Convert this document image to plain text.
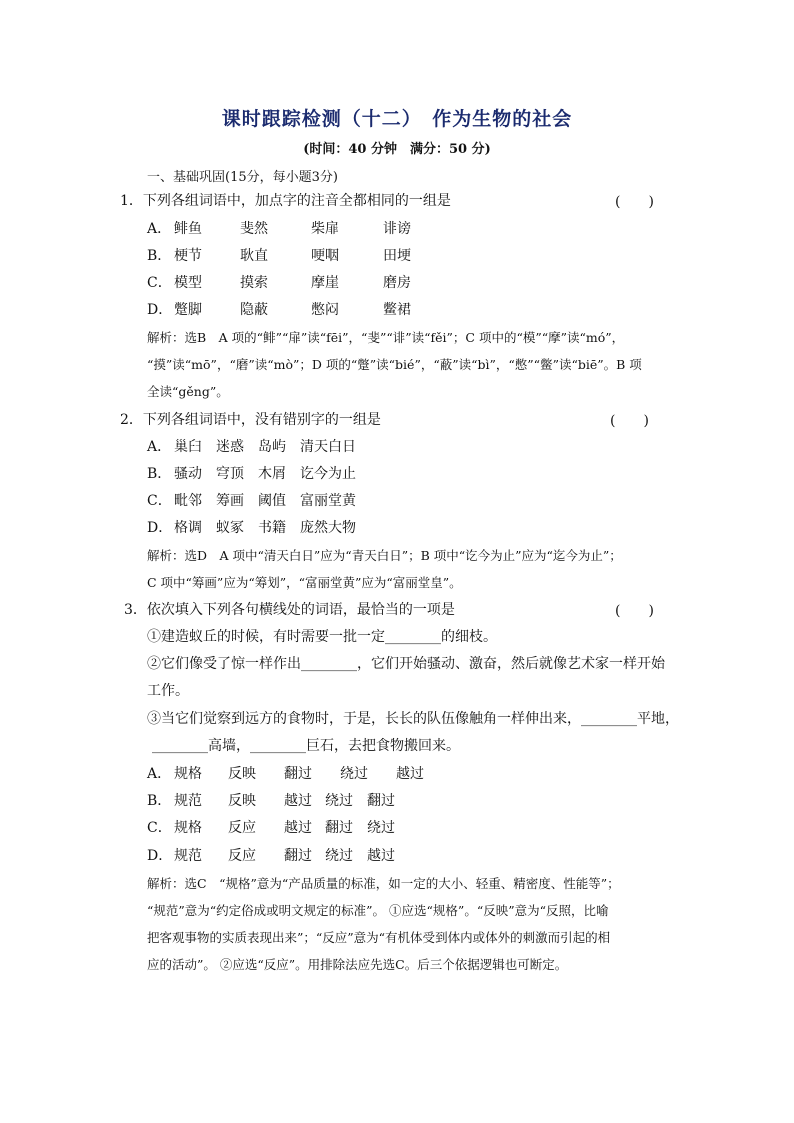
课时跟踪检测（十二）　作为生物的社会
(时间：40 分钟　满分：50 分)
一、基础巩固(15分，每小题3分)
1．下列各组词语中，加点字的注音全都相同的一组是	(　　)
A． 鲱鱼	斐然	柴扉	诽谤
B． 梗节	耿直	哽咽	田埂
C． 模型	摸索	摩崖	磨房
D． 蹩脚	隐蔽	憋闷	鳖裙
解析：选B　A 项的“鲱”“扉”读“fēi”，“斐”“诽”读“fěi”；C 项中的“模”“摩”读“mó”，
“摸”读“mō”，“磨”读“mò”；D 项的“蹩”读“bié”，“蔽”读“bì”，“憋”“鳖”读“biē”。B 项
全读“gěng”。
2．下列各组词语中，没有错别字的一组是	(　　)
A． 巢臼 迷惑 岛屿 清天白日
B． 骚动 穹顶 木屑 讫今为止
C． 毗邻 筹画 阈值 富丽堂黄
D． 格调 蚁冢 书籍 庞然大物
解析：选D　A 项中“清天白日”应为“青天白日”；B 项中“讫今为止”应为“迄今为止”；
C 项中“筹画”应为“筹划”，“富丽堂黄”应为“富丽堂皇”。
3．依次填入下列各句横线处的词语，最恰当的一项是	(　　)
①建造蚁丘的时候，有时需要一批一定________的细枝。
②它们像受了惊一样作出________，它们开始骚动、激奋，然后就像艺术家一样开始
工作。
③当它们觉察到远方的食物时，于是，长长的队伍像触角一样伸出来，________平地，
________高墙，________巨石，去把食物搬回来。
A． 规格 反映 翻过 绕过 越过
B． 规范 反映 越过 绕过 翻过
C． 规格 反应 越过 翻过 绕过
D． 规范 反应 翻过 绕过 越过
解析：选C　“规格”意为“产品质量的标准，如一定的大小、轻重、精密度、性能等”；
“规范”意为“约定俗成或明文规定的标准”。 ①应选“规格”。“反映”意为“反照，比喻
把客观事物的实质表现出来”；“反应”意为“有机体受到体内或体外的刺激而引起的相
应的活动”。 ②应选“反应”。用排除法应先选C。后三个依据逻辑也可断定。
